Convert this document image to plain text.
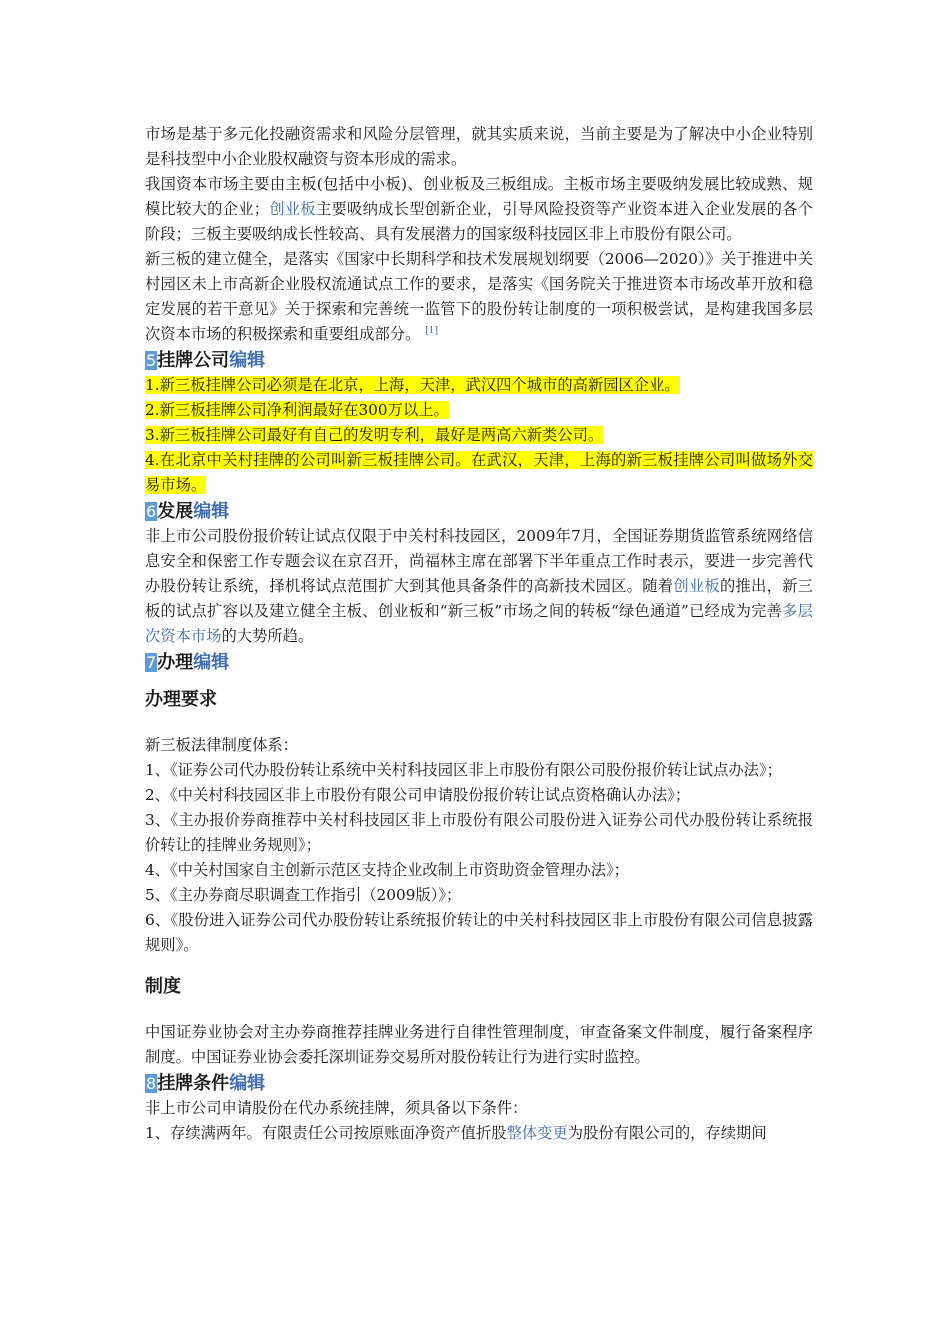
市场是基于多元化投融资需求和风险分层管理，就其实质来说，当前主要是为了解决中小企业特别是科技型中小企业股权融资与资本形成的需求。

我国资本市场主要由主板(包括中小板)、创业板及三板组成。主板市场主要吸纳发展比较成熟、规模比较大的企业；创业板主要吸纳成长型创新企业，引导风险投资等产业资本进入企业发展的各个阶段；三板主要吸纳成长性较高、具有发展潜力的国家级科技园区非上市股份有限公司。

新三板的建立健全，是落实《国家中长期科学和技术发展规划纲要（2006—2020）》关于推进中关村园区未上市高新企业股权流通试点工作的要求，是落实《国务院关于推进资本市场改革开放和稳定发展的若干意见》关于探索和完善统一监管下的股份转让制度的一项积极尝试，是构建我国多层次资本市场的积极探索和重要组成部分。 [1]

5挂牌公司编辑

1.新三板挂牌公司必须是在北京，上海，天津，武汉四个城市的高新园区企业。

2.新三板挂牌公司净利润最好在300万以上。

3.新三板挂牌公司最好有自己的发明专利，最好是两高六新类公司。

4.在北京中关村挂牌的公司叫新三板挂牌公司。在武汉，天津，上海的新三板挂牌公司叫做场外交易市场。

6发展编辑

非上市公司股份报价转让试点仅限于中关村科技园区，2009年7月，全国证券期货监管系统网络信息安全和保密工作专题会议在京召开，尚福林主席在部署下半年重点工作时表示，要进一步完善代办股份转让系统，择机将试点范围扩大到其他具备条件的高新技术园区。随着创业板的推出，新三板的试点扩容以及建立健全主板、创业板和“新三板”市场之间的转板“绿色通道”已经成为完善多层次资本市场的大势所趋。

7办理编辑
办理要求

新三板法律制度体系：

1、《证券公司代办股份转让系统中关村科技园区非上市股份有限公司股份报价转让试点办法》；

2、《中关村科技园区非上市股份有限公司申请股份报价转让试点资格确认办法》；

3、《主办报价券商推荐中关村科技园区非上市股份有限公司股份进入证券公司代办股份转让系统报价转让的挂牌业务规则》；

4、《中关村国家自主创新示范区支持企业改制上市资助资金管理办法》；

5、《主办券商尽职调查工作指引（2009版）》；

6、《股份进入证券公司代办股份转让系统报价转让的中关村科技园区非上市股份有限公司信息披露规则》。

制度

中国证券业协会对主办券商推荐挂牌业务进行自律性管理制度，审查备案文件制度，履行备案程序制度。中国证券业协会委托深圳证券交易所对股份转让行为进行实时监控。

8挂牌条件编辑

非上市公司申请股份在代办系统挂牌，须具备以下条件：

1、存续满两年。有限责任公司按原账面净资产值折股整体变更为股份有限公司的，存续期间
